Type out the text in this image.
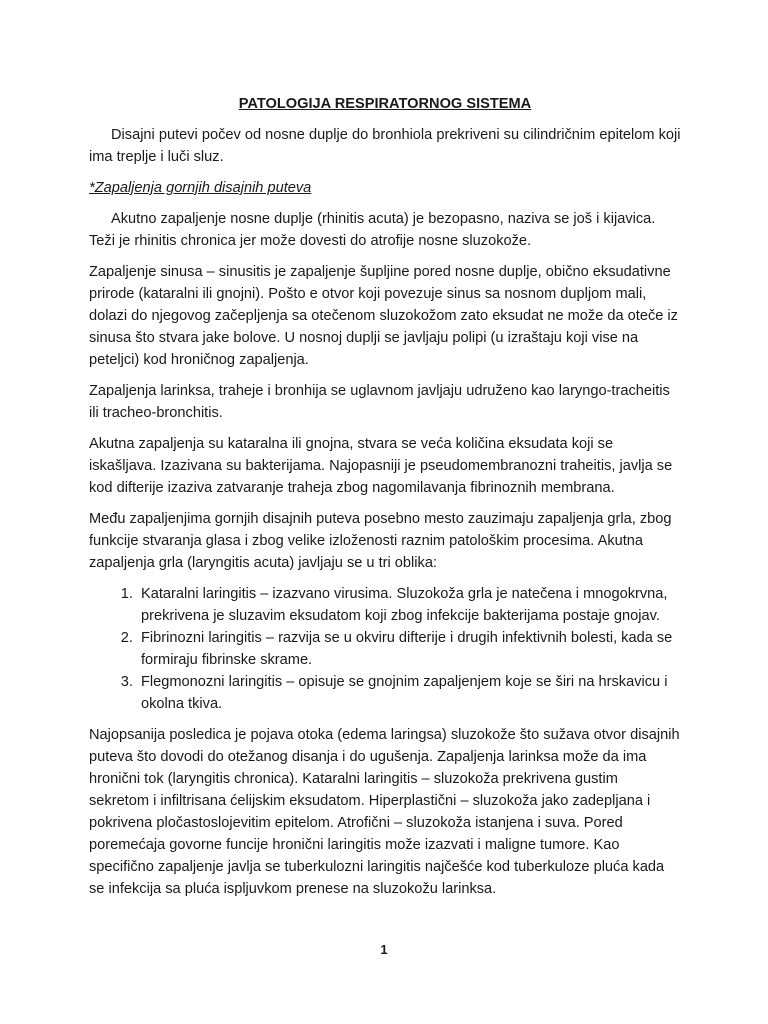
PATOLOGIJA RESPIRATORNOG SISTEMA

Disajni putevi počev od nosne duplje do bronhiola prekriveni su cilindričnim epitelom koji ima treplje i luči sluz.

*Zapaljenja gornjih disajnih puteva

Akutno zapaljenje nosne duplje (rhinitis acuta) je bezopasno, naziva se još i kijavica. Teži je rhinitis chronica jer može dovesti do atrofije nosne sluzokože.

Zapaljenje sinusa – sinusitis je zapaljenje šupljine pored nosne duplje, obično eksudativne prirode (kataralni ili gnojni). Pošto e otvor koji povezuje sinus sa nosnom dupljom mali, dolazi do njegovog začepljenja sa otečenom sluzokožom zato eksudat ne može da oteče iz sinusa što stvara jake bolove. U nosnoj duplji se javljaju polipi (u izraštaju koji vise na peteljci) kod hroničnog zapaljenja.

Zapaljenja larinksa, traheje i bronhija se uglavnom javljaju udruženo kao laryngo-tracheitis ili tracheo-bronchitis.

Akutna zapaljenja su kataralna ili gnojna, stvara se veća količina eksudata koji se iskašljava. Izazivana su bakterijama. Najopasniji je pseudomembranozni traheitis, javlja se kod difterije izaziva zatvaranje traheja zbog nagomilavanja fibrinoznih membrana.

Među zapaljenjima gornjih disajnih puteva posebno mesto zauzimaju zapaljenja grla, zbog funkcije stvaranja glasa i zbog velike izloženosti raznim patološkim procesima. Akutna zapaljenja grla (laryngitis acuta) javljaju se u tri oblika:

1. Kataralni laringitis – izazvano virusima. Sluzokoža grla je natečena i mnogokrvna, prekrivena je sluzavim eksudatom koji zbog infekcije bakterijama postaje gnojav.
2. Fibrinozni laringitis – razvija se u okviru difterije i drugih infektivnih bolesti, kada se formiraju fibrinske skrame.
3. Flegmonozni laringitis – opisuje se gnojnim zapaljenjem koje se širi na hrskavicu i okolna tkiva.

Najopsanija posledica je pojava otoka (edema laringsa) sluzokože što sužava otvor disajnih puteva što dovodi do otežanog disanja i do ugušenja. Zapaljenja larinksa može da ima hronični tok (laryngitis chronica). Kataralni laringitis – sluzokoža prekrivena gustim sekretom i infiltrisana ćelijskim eksudatom. Hiperplastični – sluzokoža jako zadepljana i pokrivena pločastoslojevitim epitelom. Atrofični – sluzokoža istanjena i suva. Pored poremećaja govorne funcije hronični laringitis može izazvati i maligne tumore. Kao specifično zapaljenje javlja se tuberkulozni laringitis najčešće kod tuberkuloze pluća kada se infekcija sa pluća ispljuvkom prenese na sluzokožu larinksa.

1
